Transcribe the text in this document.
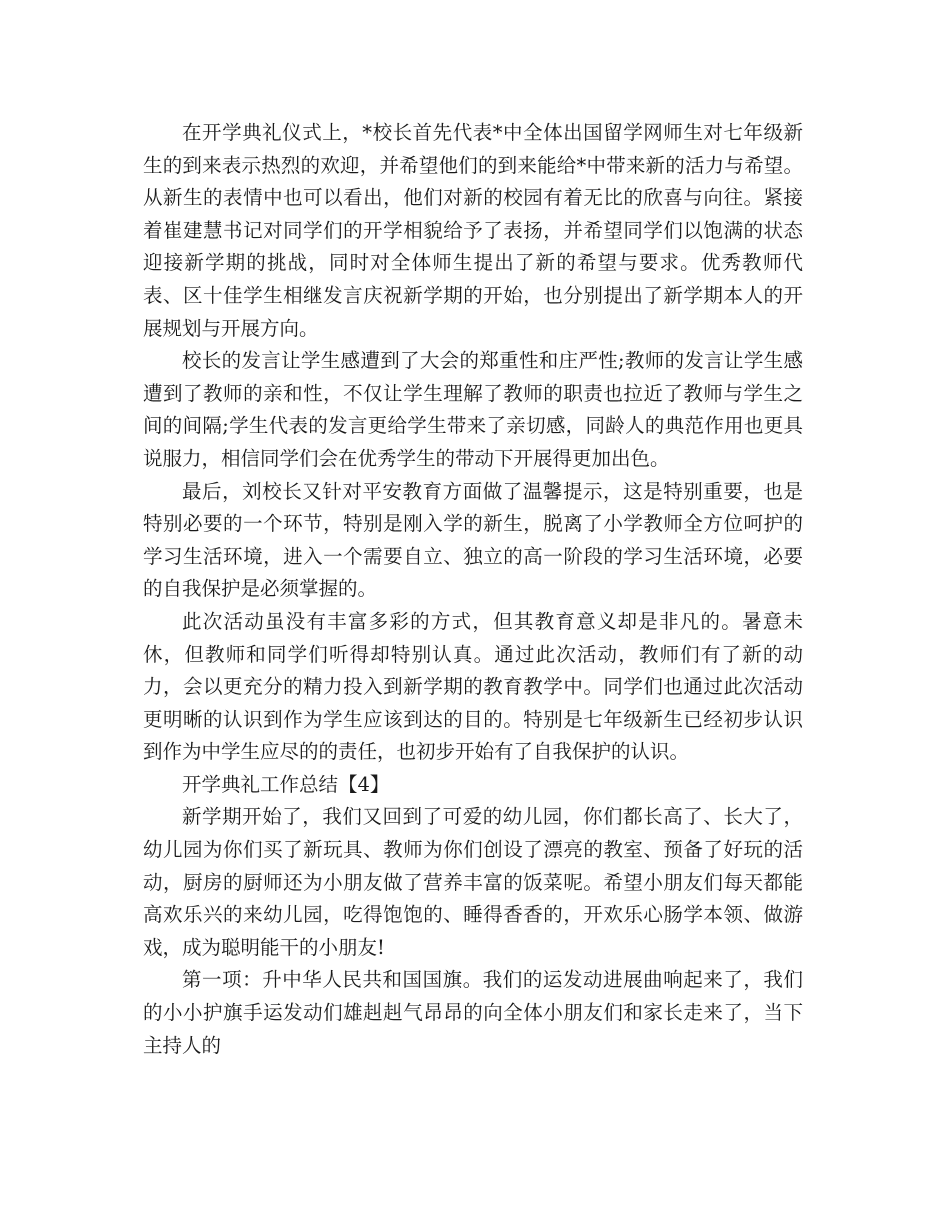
在开学典礼仪式上，*校长首先代表*中全体出国留学网师生对七年级新生的到来表示热烈的欢迎，并希望他们的到来能给*中带来新的活力与希望。从新生的表情中也可以看出，他们对新的校园有着无比的欣喜与向往。紧接着崔建慧书记对同学们的开学相貌给予了表扬，并希望同学们以饱满的状态迎接新学期的挑战，同时对全体师生提出了新的希望与要求。优秀教师代表、区十佳学生相继发言庆祝新学期的开始，也分别提出了新学期本人的开展规划与开展方向。

校长的发言让学生感遭到了大会的郑重性和庄严性;教师的发言让学生感遭到了教师的亲和性，不仅让学生理解了教师的职责也拉近了教师与学生之间的间隔;学生代表的发言更给学生带来了亲切感，同龄人的典范作用也更具说服力，相信同学们会在优秀学生的带动下开展得更加出色。

最后，刘校长又针对平安教育方面做了温馨提示，这是特别重要，也是特别必要的一个环节，特别是刚入学的新生，脱离了小学教师全方位呵护的学习生活环境，进入一个需要自立、独立的高一阶段的学习生活环境，必要的自我保护是必须掌握的。

此次活动虽没有丰富多彩的方式，但其教育意义却是非凡的。暑意未休，但教师和同学们听得却特别认真。通过此次活动，教师们有了新的动力，会以更充分的精力投入到新学期的教育教学中。同学们也通过此次活动更明晰的认识到作为学生应该到达的目的。特别是七年级新生已经初步认识到作为中学生应尽的的责任，也初步开始有了自我保护的认识。

开学典礼工作总结【4】

新学期开始了，我们又回到了可爱的幼儿园，你们都长高了、长大了，幼儿园为你们买了新玩具、教师为你们创设了漂亮的教室、预备了好玩的活动，厨房的厨师还为小朋友做了营养丰富的饭菜呢。希望小朋友们每天都能高欢乐兴的来幼儿园，吃得饱饱的、睡得香香的，开欢乐心肠学本领、做游戏，成为聪明能干的小朋友!

第一项：升中华人民共和国国旗。我们的运发动进展曲响起来了，我们的小小护旗手运发动们雄赳赳气昂昂的向全体小朋友们和家长走来了，当下主持人的
